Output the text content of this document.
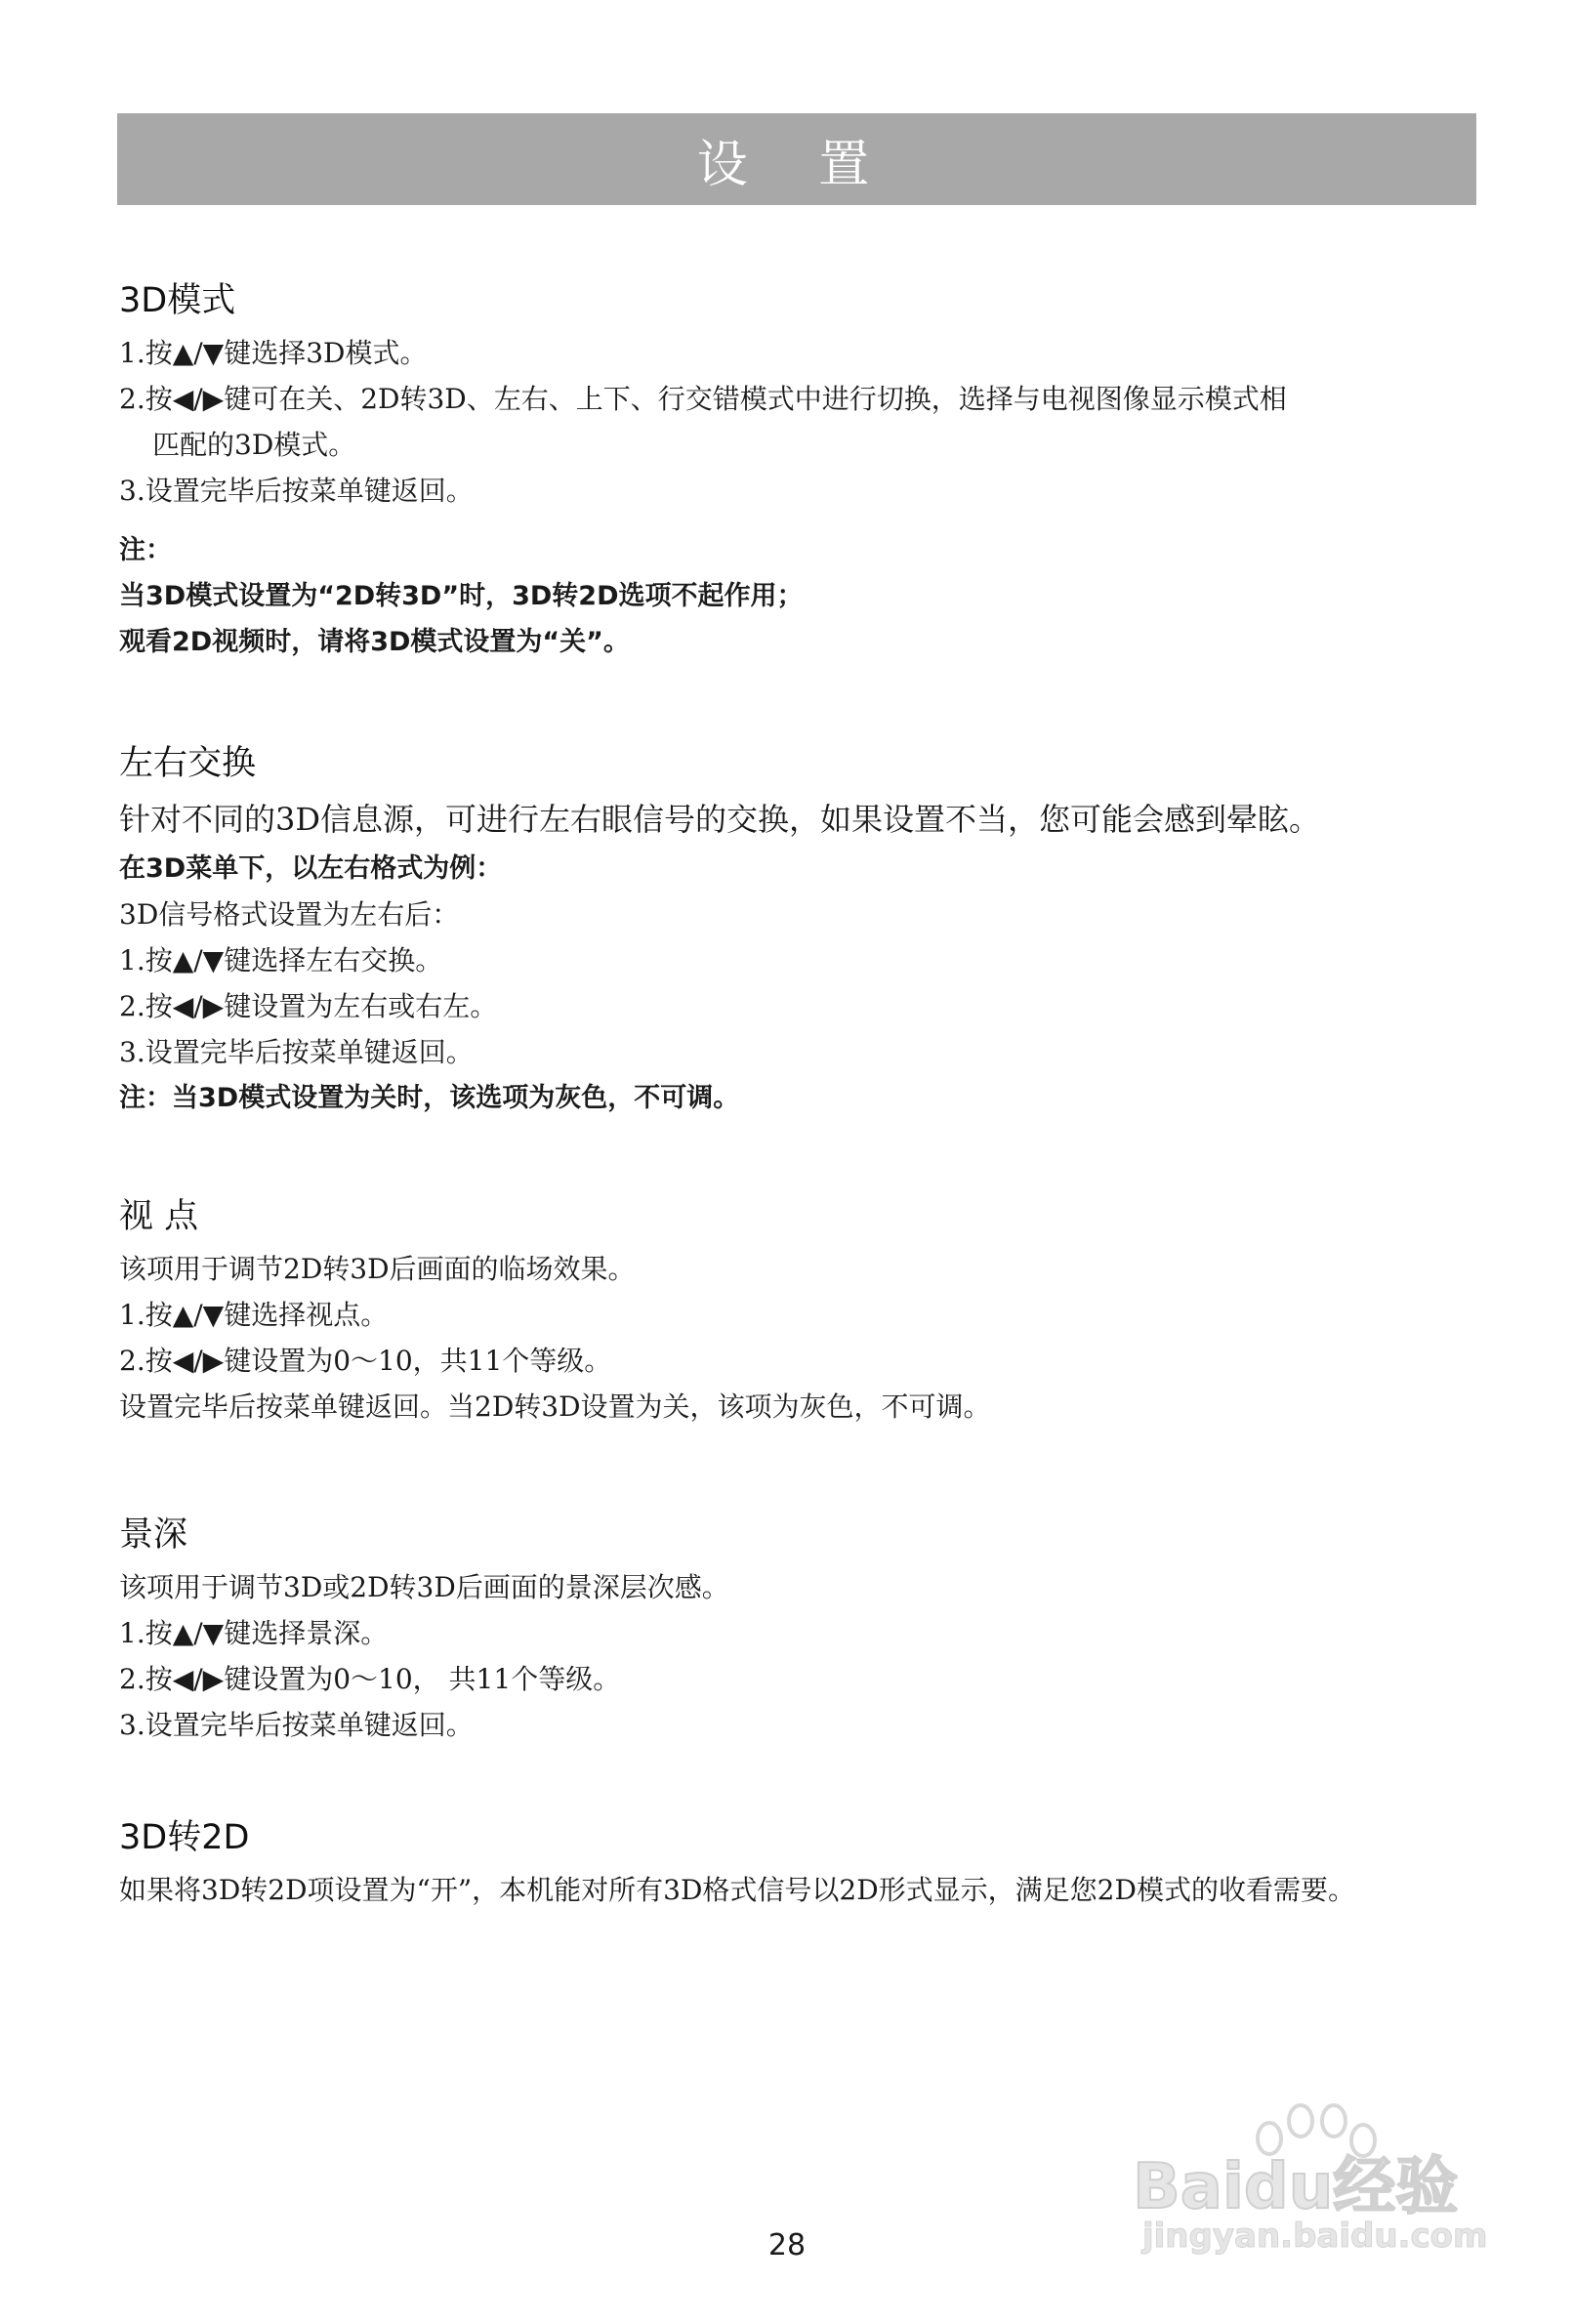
设 置
3D模式
1.按▲/▼键选择3D模式。
2.按◀/▶键可在关、2D转3D、左右、上下、行交错模式中进行切换，选择与电视图像显示模式相
匹配的3D模式。
3.设置完毕后按菜单键返回。
注：
当3D模式设置为“2D转3D”时，3D转2D选项不起作用；
观看2D视频时，请将3D模式设置为“关”。
左右交换
针对不同的3D信息源，可进行左右眼信号的交换，如果设置不当，您可能会感到晕眩。
在3D菜单下，以左右格式为例：
3D信号格式设置为左右后：
1.按▲/▼键选择左右交换。
2.按◀/▶键设置为左右或右左。
3.设置完毕后按菜单键返回。
注：当3D模式设置为关时，该选项为灰色，不可调。
视 点
该项用于调节2D转3D后画面的临场效果。
1.按▲/▼键选择视点。
2.按◀/▶键设置为0～10，共11个等级。
设置完毕后按菜单键返回。当2D转3D设置为关，该项为灰色，不可调。
景深
该项用于调节3D或2D转3D后画面的景深层次感。
1.按▲/▼键选择景深。
2.按◀/▶键设置为0～10， 共11个等级。
3.设置完毕后按菜单键返回。
3D转2D
如果将3D转2D项设置为“开”，本机能对所有3D格式信号以2D形式显示，满足您2D模式的收看需要。
28
Baidu经验
jingyan.baidu.com
